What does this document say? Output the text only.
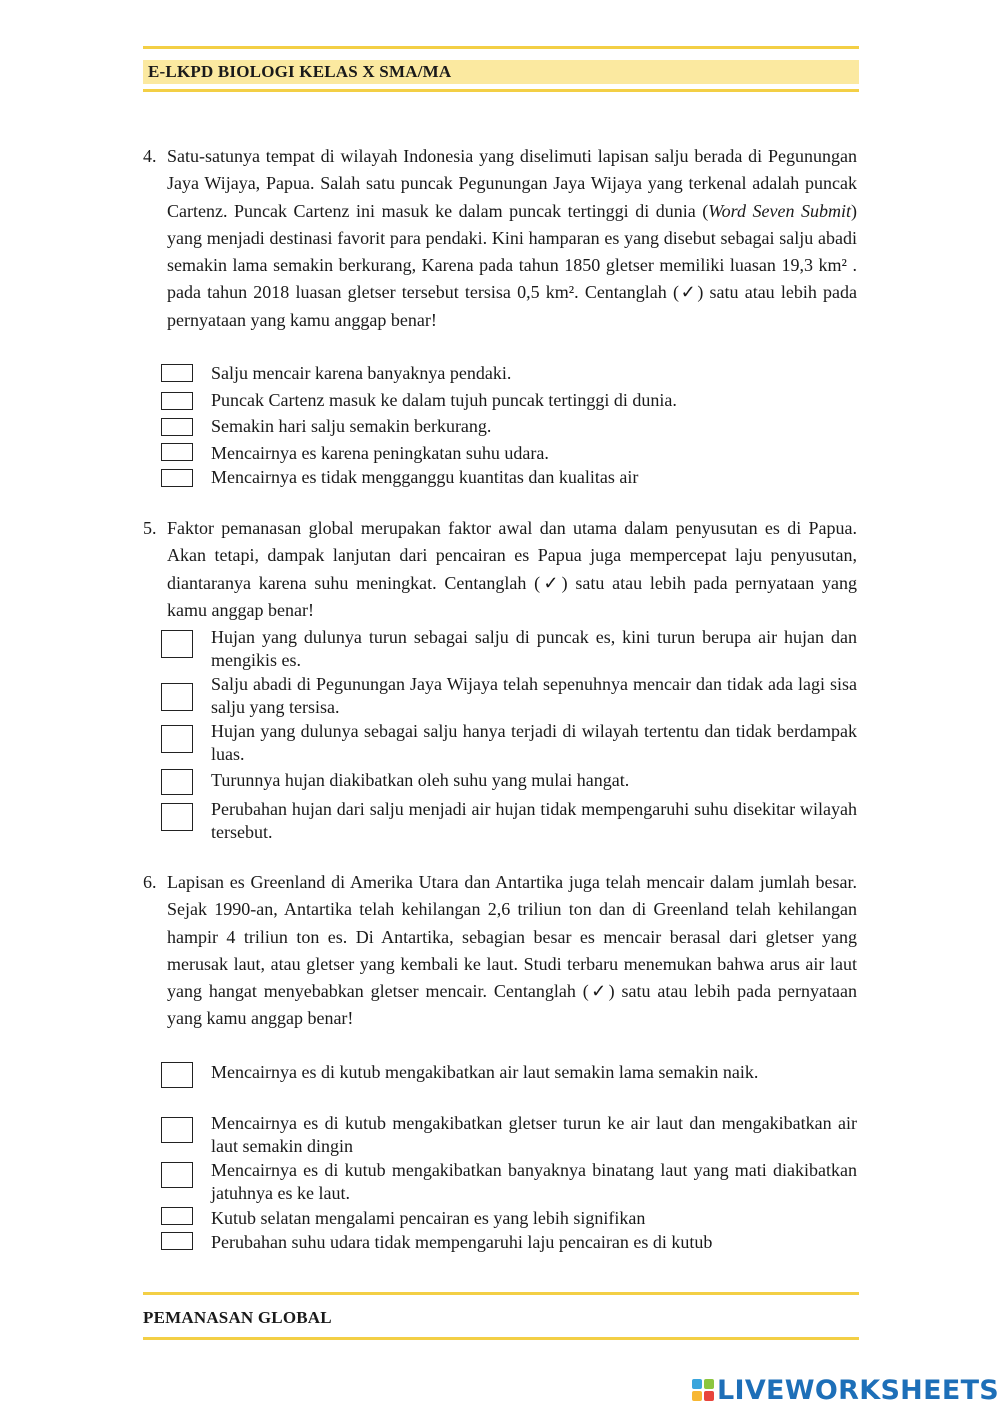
E-LKPD BIOLOGI KELAS X SMA/MA
4. Satu-satunya tempat di wilayah Indonesia yang diselimuti lapisan salju berada di Pegunungan Jaya Wijaya, Papua. Salah satu puncak Pegunungan Jaya Wijaya yang terkenal adalah puncak Cartenz. Puncak Cartenz ini masuk ke dalam puncak tertinggi di dunia (Word Seven Submit) yang menjadi destinasi favorit para pendaki. Kini hamparan es yang disebut sebagai salju abadi semakin lama semakin berkurang, Karena pada tahun 1850 gletser memiliki luasan 19,3 km² . pada tahun 2018 luasan gletser tersebut tersisa 0,5 km². Centanglah (✓) satu atau lebih pada pernyataan yang kamu anggap benar!
Salju mencair karena banyaknya pendaki.
Puncak Cartenz masuk ke dalam tujuh puncak tertinggi di dunia.
Semakin hari salju semakin berkurang.
Mencairnya es karena peningkatan suhu udara.
Mencairnya es tidak mengganggu kuantitas dan kualitas air
5. Faktor pemanasan global merupakan faktor awal dan utama dalam penyusutan es di Papua. Akan tetapi, dampak lanjutan dari pencairan es Papua juga mempercepat laju penyusutan, diantaranya karena suhu meningkat. Centanglah (✓) satu atau lebih pada pernyataan yang kamu anggap benar!
Hujan yang dulunya turun sebagai salju di puncak es, kini turun berupa air hujan dan mengikis es.
Salju abadi di Pegunungan Jaya Wijaya telah sepenuhnya mencair dan tidak ada lagi sisa salju yang tersisa.
Hujan yang dulunya sebagai salju hanya terjadi di wilayah tertentu dan tidak berdampak luas.
Turunnya hujan diakibatkan oleh suhu yang mulai hangat.
Perubahan hujan dari salju menjadi air hujan tidak mempengaruhi suhu disekitar wilayah tersebut.
6. Lapisan es Greenland di Amerika Utara dan Antartika juga telah mencair dalam jumlah besar. Sejak 1990-an, Antartika telah kehilangan 2,6 triliun ton dan di Greenland telah kehilangan hampir 4 triliun ton es. Di Antartika, sebagian besar es mencair berasal dari gletser yang merusak laut, atau gletser yang kembali ke laut. Studi terbaru menemukan bahwa arus air laut yang hangat menyebabkan gletser mencair. Centanglah (✓) satu atau lebih pada pernyataan yang kamu anggap benar!
Mencairnya es di kutub mengakibatkan air laut semakin lama semakin naik.
Mencairnya es di kutub mengakibatkan gletser turun ke air laut dan mengakibatkan air laut semakin dingin
Mencairnya es di kutub mengakibatkan banyaknya binatang laut yang mati diakibatkan jatuhnya es ke laut.
Kutub selatan mengalami pencairan es yang lebih signifikan
Perubahan suhu udara tidak mempengaruhi laju pencairan es di kutub
PEMANASAN GLOBAL
LIVEWORKSHEETS
